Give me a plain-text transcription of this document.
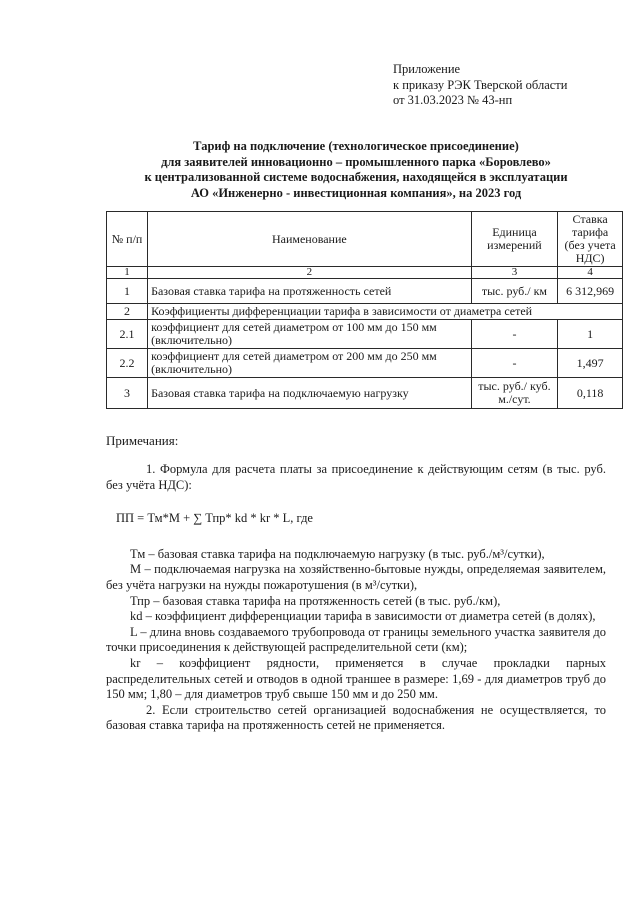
Приложение
к приказу РЭК Тверской области
от 31.03.2023 № 43-нп
Тариф на подключение (технологическое присоединение)
для заявителей инновационно – промышленного парка «Боровлево»
к централизованной системе водоснабжения, находящейся в эксплуатации
АО «Инженерно - инвестиционная компания», на 2023 год
№ п/п	Наименование	Единица измерений	Ставка тарифа (без учета НДС)
1	2	3	4
1	Базовая ставка тарифа на протяженность сетей	тыс. руб./ км	6 312,969
2	Коэффициенты дифференциации тарифа в зависимости от диаметра сетей		
2.1	коэффициент для сетей диаметром от 100 мм до 150 мм (включительно)	-	1
2.2	коэффициент для сетей диаметром от 200 мм до 250 мм (включительно)	-	1,497
3	Базовая ставка тарифа на подключаемую нагрузку	тыс. руб./ куб. м./сут.	0,118
Примечания:

1. Формула для расчета платы за присоединение к действующим сетям (в тыс. руб. без учёта НДС):

ПП = Тм*М + ∑ Тпр* kd * kr * L, где

Тм – базовая ставка тарифа на подключаемую нагрузку (в тыс. руб./м³/сутки),

М – подключаемая нагрузка на хозяйственно-бытовые нужды, определяемая заявителем, без учёта нагрузки на нужды пожаротушения (в м³/сутки),

Тпр – базовая ставка тарифа на протяженность сетей (в тыс. руб./км),

kd – коэффициент дифференциации тарифа в зависимости от диаметра сетей (в долях),

L – длина вновь создаваемого трубопровода от границы земельного участка заявителя до точки присоединения к действующей распределительной сети (км);

kr – коэффициент рядности, применяется в случае прокладки парных распределительных сетей и отводов в одной траншее в размере: 1,69 - для диаметров труб до 150 мм; 1,80 – для диаметров труб свыше 150 мм и до 250 мм.

2. Если строительство сетей организацией водоснабжения не осуществляется, то базовая ставка тарифа на протяженность сетей не применяется.
